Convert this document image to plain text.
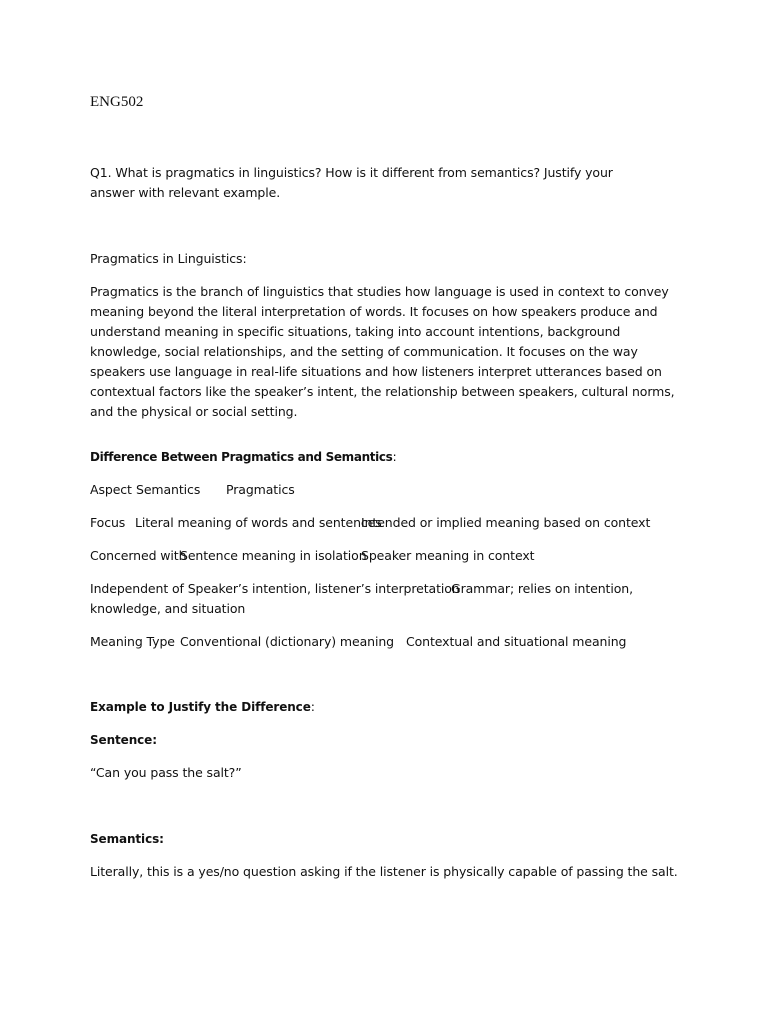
ENG502

Q1. What is pragmatics in linguistics? How is it different from semantics? Justify your answer with relevant example.

Pragmatics in Linguistics:

Pragmatics is the branch of linguistics that studies how language is used in context to convey meaning beyond the literal interpretation of words. It focuses on how speakers produce and understand meaning in specific situations, taking into account intentions, background knowledge, social relationships, and the setting of communication. It focuses on the way speakers use language in real-life situations and how listeners interpret utterances based on contextual factors like the speaker’s intent, the relationship between speakers, cultural norms, and the physical or social setting.

Difference Between Pragmatics and Semantics:

Aspect Semantics Pragmatics
Focus Literal meaning of words and sentences
Intended or implied meaning based on context
Concerned with
Sentence meaning in isolation
Speaker meaning in context
Independent of Speaker’s intention, listener’s interpretation
Grammar; relies on intention,
knowledge, and situation
Meaning Type Conventional (dictionary) meaning Contextual and situational meaning

Example to Justify the Difference:

Sentence:

“Can you pass the salt?”

Semantics:

Literally, this is a yes/no question asking if the listener is physically capable of passing the salt.
